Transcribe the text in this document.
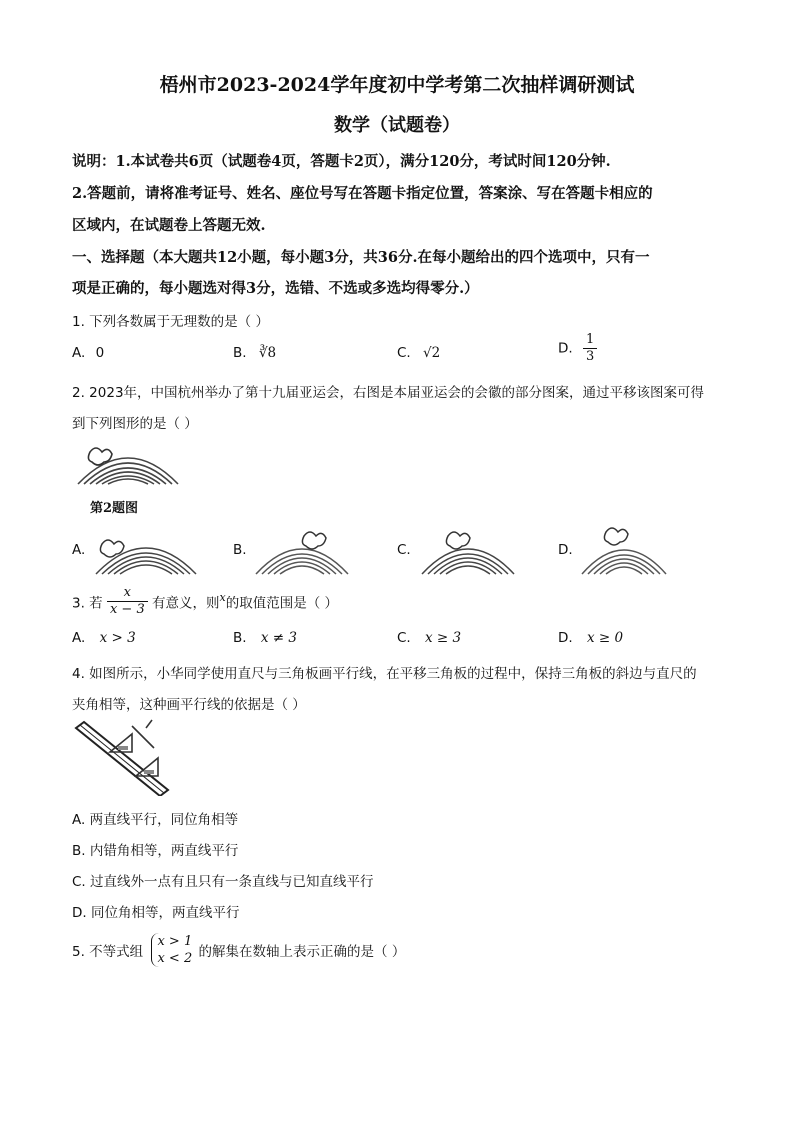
梧州市2023-2024学年度初中学考第二次抽样调研测试
数学（试题卷）
说明：1.本试卷共6页（试题卷4页，答题卡2页），满分120分，考试时间120分钟.
2.答题前，请将准考证号、姓名、座位号写在答题卡指定位置，答案涂、写在答题卡相应的
区域内，在试题卷上答题无效.
一、选择题（本大题共12小题，每小题3分，共36分.在每小题给出的四个选项中，只有一
项是正确的，每小题选对得3分，选错、不选或多选均得零分.）
1. 下列各数属于无理数的是（ ）
A. 0	B. ∛8	C. √2	D. $\frac{1}{3}$
2. 2023年，中国杭州举办了第十九届亚运会，右图是本届亚运会的会徽的部分图案，通过平移该图案可得
到下列图形的是（ ）
第2题图
A.	B.	C.	D.
3. 若 $\frac{x}{x - 3}$ 有意义，则$^x$的取值范围是（ ）
A. x > 3	B. x ≠ 3	C. x ≥ 3	D. x ≥ 0
4. 如图所示，小华同学使用直尺与三角板画平行线，在平移三角板的过程中，保持三角板的斜边与直尺的
夹角相等，这种画平行线的依据是（ ）
A. 两直线平行，同位角相等
B. 内错角相等，两直线平行
C. 过直线外一点有且只有一条直线与已知直线平行
D. 同位角相等，两直线平行
5. 不等式组
x > 1
x < 2 的解集在数轴上表示正确的是（ ）
